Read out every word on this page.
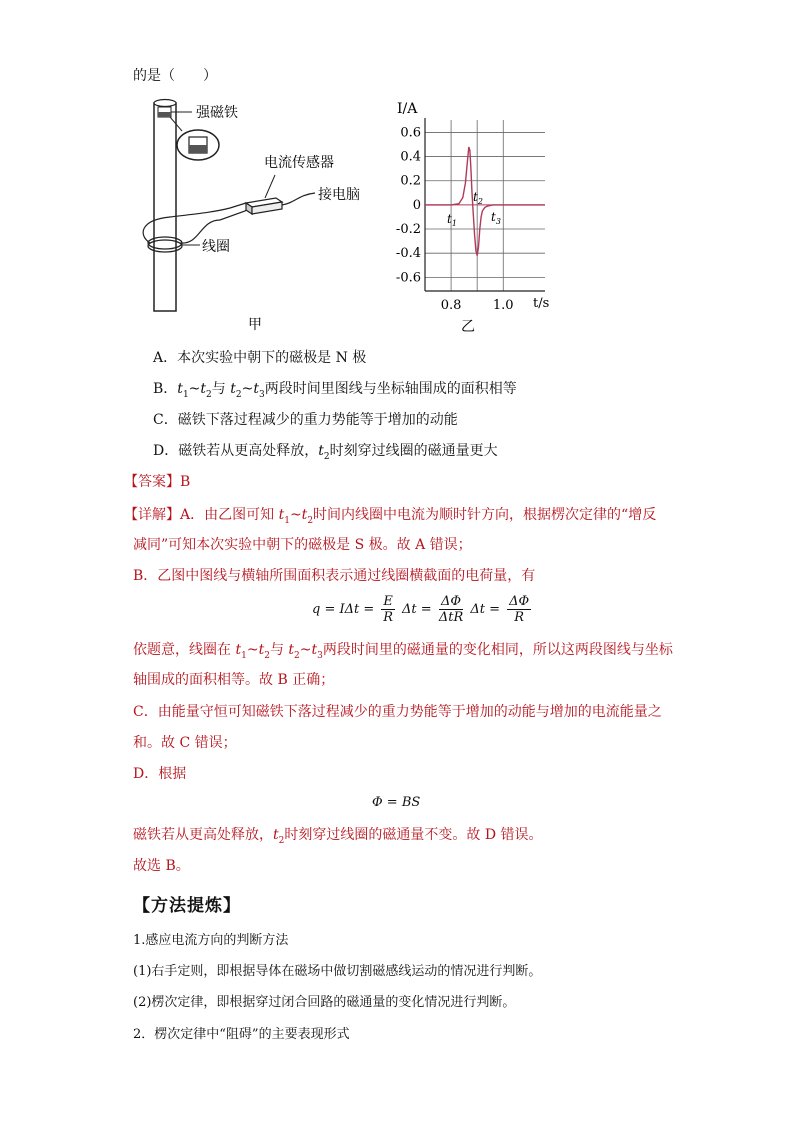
的是（　　）
强磁铁
电流传感器
接电脑
线圈
甲
0.6
0.4
0.2
0
-0.2
-0.4
-0.6
0.8 1.0
$t_1$
$t_2$
$t_3$
I/A
t/s
乙
A．本次实验中朝下的磁极是 N 极
B．$t_1\sim t_2$与 $t_2\sim t_3$两段时间里图线与坐标轴围成的面积相等
C．磁铁下落过程减少的重力势能等于增加的动能
D．磁铁若从更高处释放，$t_2$时刻穿过线圈的磁通量更大
【答案】B
【详解】A．由乙图可知 $t_1\sim t_2$时间内线圈中电流为顺时针方向，根据楞次定律的“增反
减同”可知本次实验中朝下的磁极是 S 极。故 A 错误；
B．乙图中图线与横轴所围面积表示通过线圈横截面的电荷量，有
$q = I\Delta t = \frac{E}{R}$ $\Delta t = \frac{\Delta\Phi}{\text{ΔtR}}$ $\Delta t = \frac{\Delta\Phi}{R}$
依题意，线圈在 $t_1\sim t_2$与 $t_2\sim t_3$两段时间里的磁通量的变化相同，所以这两段图线与坐标
轴围成的面积相等。故 B 正确；
C．由能量守恒可知磁铁下落过程减少的重力势能等于增加的动能与增加的电流能量之
和。故 C 错误；
D．根据
Φ = BS
磁铁若从更高处释放，$t_2$时刻穿过线圈的磁通量不变。故 D 错误。
故选 B。
【方法提炼】
1.感应电流方向的判断方法
(1)右手定则，即根据导体在磁场中做切割磁感线运动的情况进行判断。
(2)楞次定律，即根据穿过闭合回路的磁通量的变化情况进行判断。
2．楞次定律中“阻碍”的主要表现形式
